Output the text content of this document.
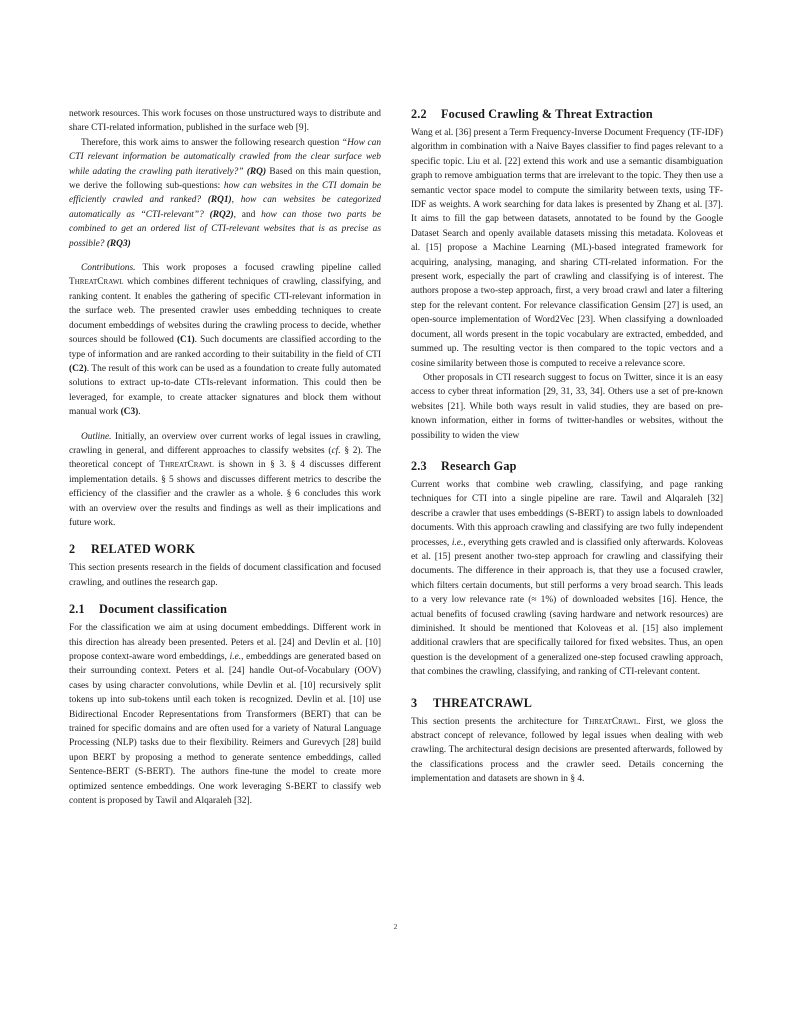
network resources. This work focuses on those unstructured ways to distribute and share CTI-related information, published in the surface web [9].

Therefore, this work aims to answer the following research question “How can CTI relevant information be automatically crawled from the clear surface web while adating the crawling path iteratively?” (RQ) Based on this main question, we derive the following sub-questions: how can websites in the CTI domain be efficiently crawled and ranked? (RQ1), how can websites be categorized automatically as “CTI-relevant”? (RQ2), and how can those two parts be combined to get an ordered list of CTI-relevant websites that is as precise as possible? (RQ3)

Contributions. This work proposes a focused crawling pipeline called ThreatCrawl which combines different techniques of crawling, classifying, and ranking content. It enables the gathering of specific CTI-relevant information in the surface web. The presented crawler uses embedding techniques to create document embeddings of websites during the crawling process to decide, whether sources should be followed (C1). Such documents are classified according to the type of information and are ranked according to their suitability in the field of CTI (C2). The result of this work can be used as a foundation to create fully automated solutions to extract up-to-date CTIs-relevant information. This could then be leveraged, for example, to create attacker signatures and block them without manual work (C3).

Outline. Initially, an overview over current works of legal issues in crawling, crawling in general, and different approaches to classify websites (cf. § 2). The theoretical concept of ThreatCrawl is shown in § 3. § 4 discusses different implementation details. § 5 shows and discusses different metrics to describe the efficiency of the classifier and the crawler as a whole. § 6 concludes this work with an overview over the results and findings as well as their implications and future work.

2 RELATED WORK

This section presents research in the fields of document classification and focused crawling, and outlines the research gap.

2.1 Document classification

For the classification we aim at using document embeddings. Different work in this direction has already been presented. Peters et al. [24] and Devlin et al. [10] propose context-aware word embeddings, i.e., embeddings are generated based on their surrounding context. Peters et al. [24] handle Out-of-Vocabulary (OOV) cases by using character convolutions, while Devlin et al. [10] recursively split tokens up into sub-tokens until each token is recognized. Devlin et al. [10] use Bidirectional Encoder Representations from Transformers (BERT) that can be trained for specific domains and are often used for a variety of Natural Language Processing (NLP) tasks due to their flexibility. Reimers and Gurevych [28] build upon BERT by proposing a method to generate sentence embeddings, called Sentence-BERT (S-BERT). The authors fine-tune the model to create more optimized sentence embeddings. One work leveraging S-BERT to classify web content is proposed by Tawil and Alqaraleh [32].

2.2 Focused Crawling & Threat Extraction

Wang et al. [36] present a Term Frequency-Inverse Document Frequency (TF-IDF) algorithm in combination with a Naive Bayes classifier to find pages relevant to a specific topic. Liu et al. [22] extend this work and use a semantic disambiguation graph to remove ambiguation terms that are irrelevant to the topic. They then use a semantic vector space model to compute the similarity between texts, using TF-IDF as weights. A work searching for data lakes is presented by Zhang et al. [37]. It aims to fill the gap between datasets, annotated to be found by the Google Dataset Search and openly available datasets missing this metadata. Koloveas et al. [15] propose a Machine Learning (ML)-based integrated framework for acquiring, analysing, managing, and sharing CTI-related information. For the present work, especially the part of crawling and classifying is of interest. The authors propose a two-step approach, first, a very broad crawl and later a filtering step for the relevant content. For relevance classification Gensim [27] is used, an open-source implementation of Word2Vec [23]. When classifying a downloaded document, all words present in the topic vocabulary are extracted, embedded, and summed up. The resulting vector is then compared to the topic vectors and a cosine similarity between those is computed to receive a relevance score.

Other proposals in CTI research suggest to focus on Twitter, since it is an easy access to cyber threat information [29, 31, 33, 34]. Others use a set of pre-known websites [21]. While both ways result in valid studies, they are based on pre-known information, either in forms of twitter-handles or websites, without the possibility to widen the view

2.3 Research Gap

Current works that combine web crawling, classifying, and page ranking techniques for CTI into a single pipeline are rare. Tawil and Alqaraleh [32] describe a crawler that uses embeddings (S-BERT) to assign labels to downloaded documents. With this approach crawling and classifying are two fully independent processes, i.e., everything gets crawled and is classified only afterwards. Koloveas et al. [15] present another two-step approach for crawling and classifying their documents. The difference in their approach is, that they use a focused crawler, which filters certain documents, but still performs a very broad search. This leads to a very low relevance rate (≈ 1%) of downloaded websites [16]. Hence, the actual benefits of focused crawling (saving hardware and network resources) are diminished. It should be mentioned that Koloveas et al. [15] also implement additional crawlers that are specifically tailored for fixed websites. Thus, an open question is the development of a generalized one-step focused crawling approach, that combines the crawling, classifying, and ranking of CTI-relevant content.

3 THREATCRAWL

This section presents the architecture for ThreatCrawl. First, we gloss the abstract concept of relevance, followed by legal issues when dealing with web crawling. The architectural design decisions are presented afterwards, followed by the classifications process and the crawler seed. Details concerning the implementation and datasets are shown in § 4.

2
